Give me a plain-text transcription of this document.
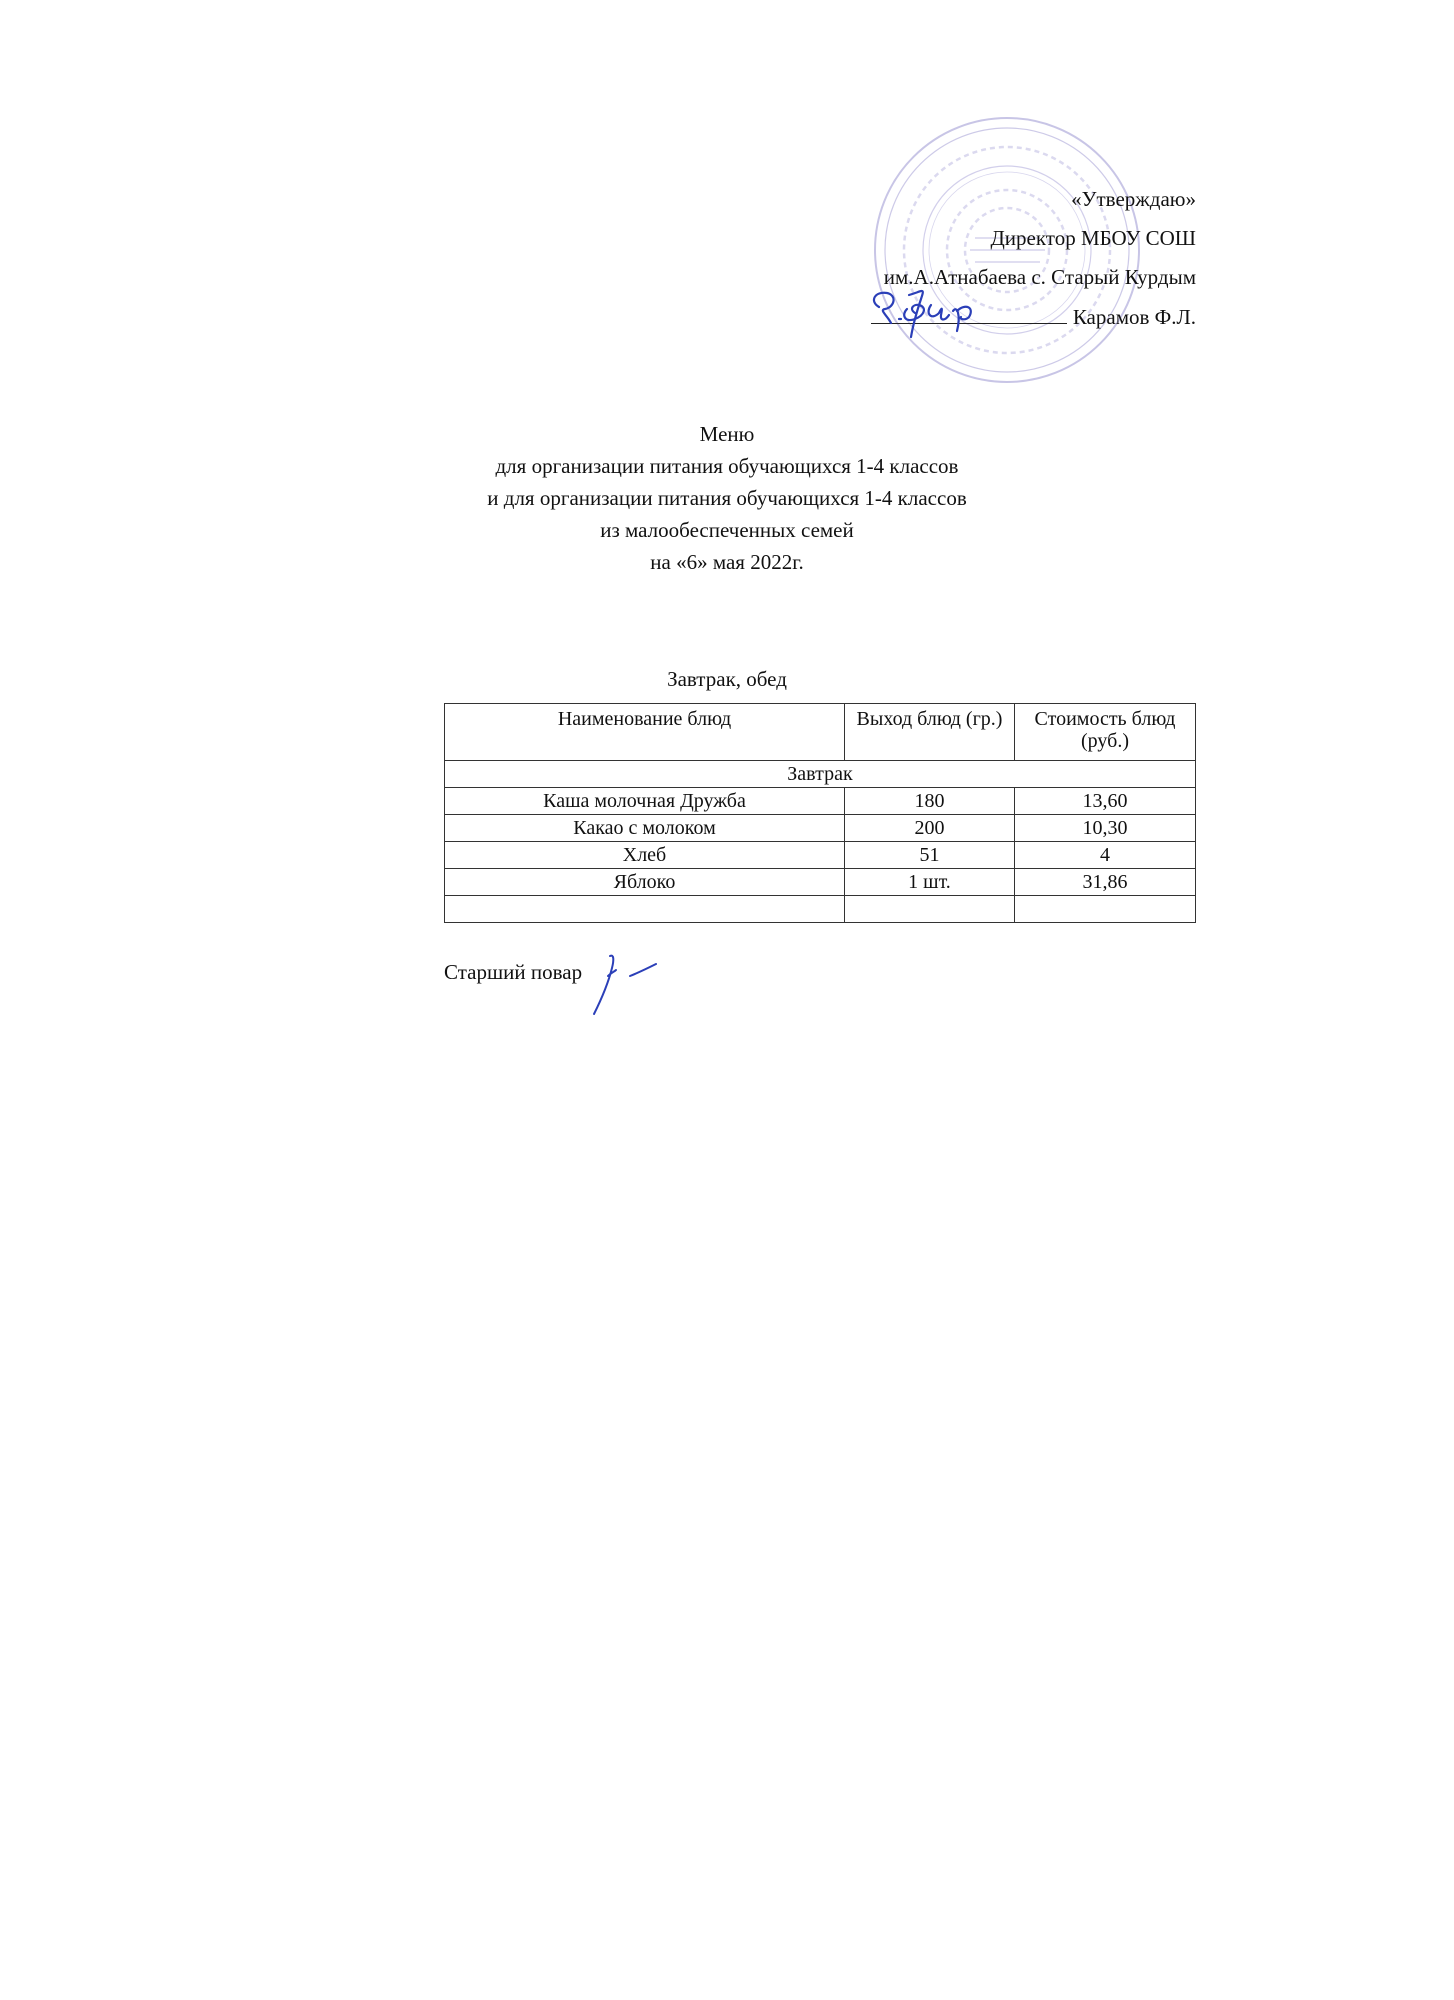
«Утверждаю»
Директор МБОУ СОШ
им.А.Атнабаева с. Старый Курдым
Карамов Ф.Л.
Меню
для организации питания обучающихся 1-4 классов
и для организации питания обучающихся 1-4 классов
из малообеспеченных семей
на «6» мая 2022г.
Завтрак, обед
Наименование блюд	Выход блюд (гр.)	Стоимость блюд (руб.)
Завтрак		
Каша молочная Дружба	180	13,60
Какао с молоком	200	10,30
Хлеб	51	4
Яблоко	1 шт.	31,86

Старший повар
